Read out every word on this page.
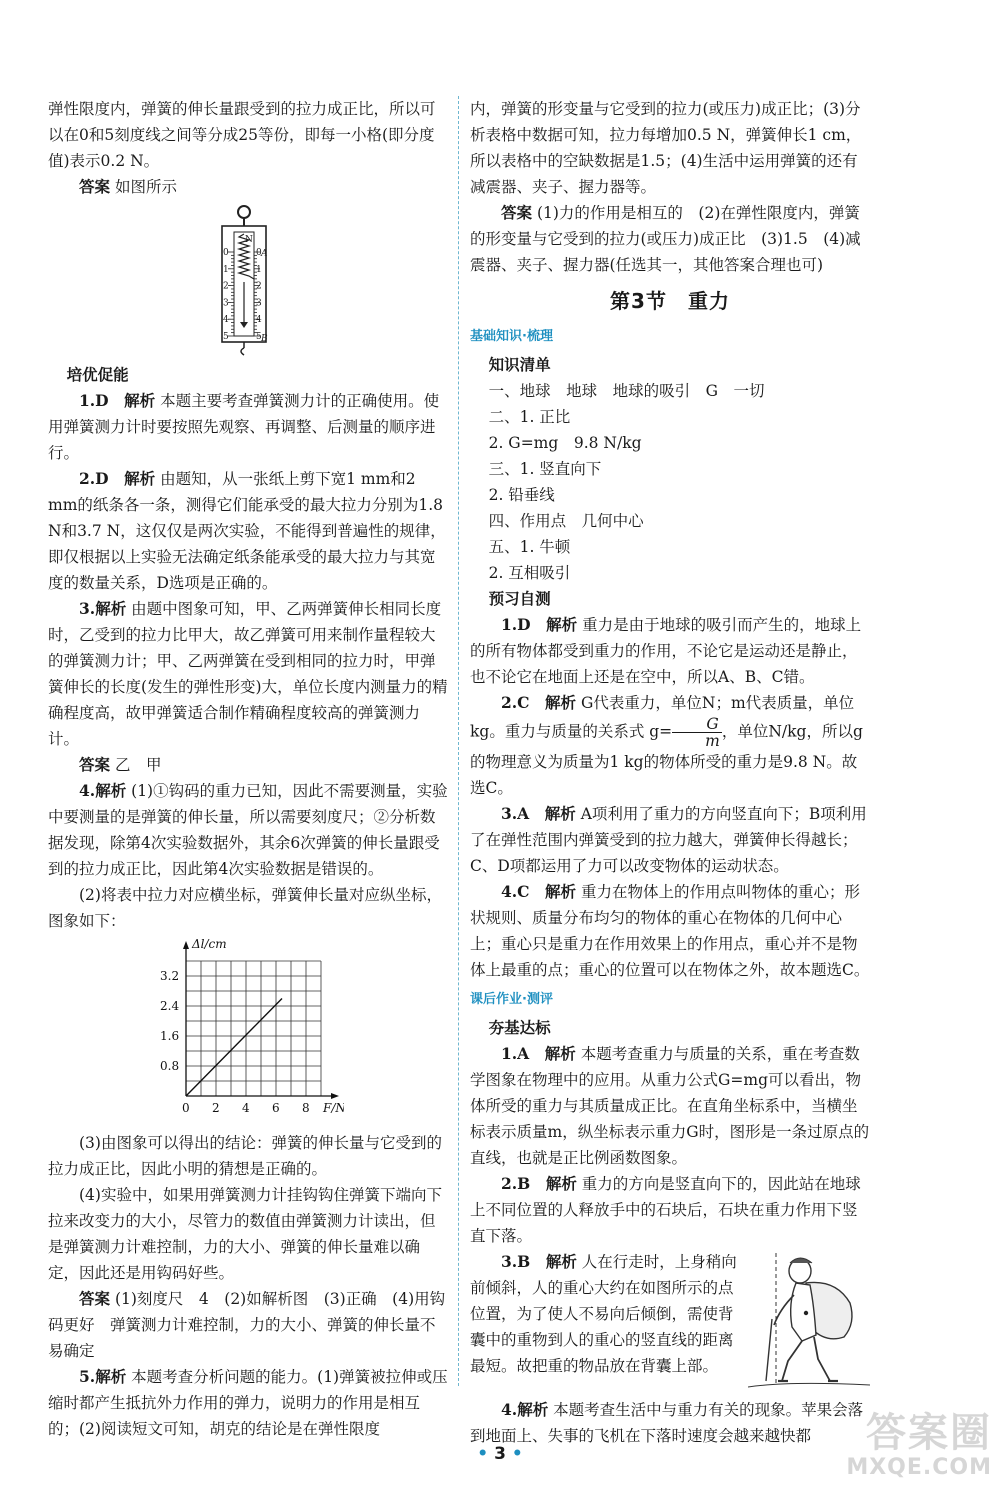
弹性限度内，弹簧的伸长量跟受到的拉力成正比，所以可以在0和5刻度线之间等分成25等份，即每一小格(即分度值)表示0.2 N。

答案 如图所示

N
0
1
2
3
4
5
0
1
2
3
4
5
A
B

培优促能

1.D　 解析 本题主要考查弹簧测力计的正确使用。使用弹簧测力计时要按照先观察、再调整、后测量的顺序进行。

2.D　 解析 由题知，从一张纸上剪下宽1 mm和2 mm的纸条各一条，测得它们能承受的最大拉力分别为1.8 N和3.7 N，这仅仅是两次实验，不能得到普遍性的规律，即仅根据以上实验无法确定纸条能承受的最大拉力与其宽度的数量关系，D选项是正确的。

3.解析 由题中图象可知，甲、乙两弹簧伸长相同长度时，乙受到的拉力比甲大，故乙弹簧可用来制作量程较大的弹簧测力计；甲、乙两弹簧在受到相同的拉力时，甲弹簧伸长的长度(发生的弹性形变)大，单位长度内测量力的精确程度高，故甲弹簧适合制作精确程度较高的弹簧测力计。

答案 乙　甲

4.解析 (1)①钩码的重力已知，因此不需要测量，实验中要测量的是弹簧的伸长量，所以需要刻度尺；②分析数据发现，除第4次实验数据外，其余6次弹簧的伸长量跟受到的拉力成正比，因此第4次实验数据是错误的。

(2)将表中拉力对应横坐标，弹簧伸长量对应纵坐标，图象如下：

0 2 4 6 8
0.8
1.6
2.4
3.2
Δl/cm
F/N

(3)由图象可以得出的结论：弹簧的伸长量与它受到的拉力成正比，因此小明的猜想是正确的。

(4)实验中，如果用弹簧测力计挂钩钩住弹簧下端向下拉来改变力的大小，尽管力的数值由弹簧测力计读出，但是弹簧测力计难控制，力的大小、弹簧的伸长量难以确定，因此还是用钩码好些。

答案 (1)刻度尺　4　(2)如解析图　(3)正确　(4)用钩码更好　弹簧测力计难控制，力的大小、弹簧的伸长量不易确定

5.解析 本题考查分析问题的能力。(1)弹簧被拉伸或压缩时都产生抵抗外力作用的弹力，说明力的作用是相互的；(2)阅读短文可知，胡克的结论是在弹性限度

内，弹簧的形变量与它受到的拉力(或压力)成正比；(3)分析表格中数据可知，拉力每增加0.5 N，弹簧伸长1 cm，所以表格中的空缺数据是1.5；(4)生活中运用弹簧的还有减震器、夹子、握力器等。

答案 (1)力的作用是相互的　(2)在弹性限度内，弹簧的形变量与它受到的拉力(或压力)成正比　(3)1.5　(4)减震器、夹子、握力器(任选其一，其他答案合理也可)

第3节　重力
基础知识·梳理

知识清单

一、地球　地球　地球的吸引　G　一切

二、1. 正比

2. G=mg　 9.8 N/kg

三、1. 竖直向下

2. 铅垂线

四、作用点　几何中心

五、1. 牛顿

2. 互相吸引

预习自测

1.D　 解析 重力是由于地球的吸引而产生的，地球上的所有物体都受到重力的作用，不论它是运动还是静止，也不论它在地面上还是在空中，所以A、B、C错。

2.C　 解析 G代表重力，单位N；m代表质量，单位kg。重力与质量的关系式 $g= \frac{G}{m}$ ，单位N/kg，所以g的物理意义为质量为1 kg的物体所受的重力是9.8 N。故选C。

3.A　 解析 A项利用了重力的方向竖直向下；B项利用了在弹性范围内弹簧受到的拉力越大，弹簧伸长得越长；C、D项都运用了力可以改变物体的运动状态。

4.C　 解析 重力在物体上的作用点叫物体的重心；形状规则、质量分布均匀的物体的重心在物体的几何中心上；重心只是重力在作用效果上的作用点，重心并不是物体上最重的点；重心的位置可以在物体之外，故本题选C。

课后作业·测评

夯基达标

1.A　 解析 本题考查重力与质量的关系，重在考查数学图象在物理中的应用。从重力公式G=mg可以看出，物体所受的重力与其质量成正比。在直角坐标系中，当横坐标表示质量m，纵坐标表示重力G时，图形是一条过原点的直线，也就是正比例函数图象。

2.B　 解析 重力的方向是竖直向下的，因此站在地球上不同位置的人释放手中的石块后，石块在重力作用下竖直下落。

3.B　 解析 人在行走时，上身稍向前倾斜，人的重心大约在如图所示的点位置，为了使人不易向后倾倒，需使背囊中的重物到人的重心的竖直线的距离最短。故把重的物品放在背囊上部。

4.解析 本题考查生活中与重力有关的现象。苹果会落到地面上、失事的飞机在下落时速度会越来越快都

• 3 •	答案圈
MXQE.COM
